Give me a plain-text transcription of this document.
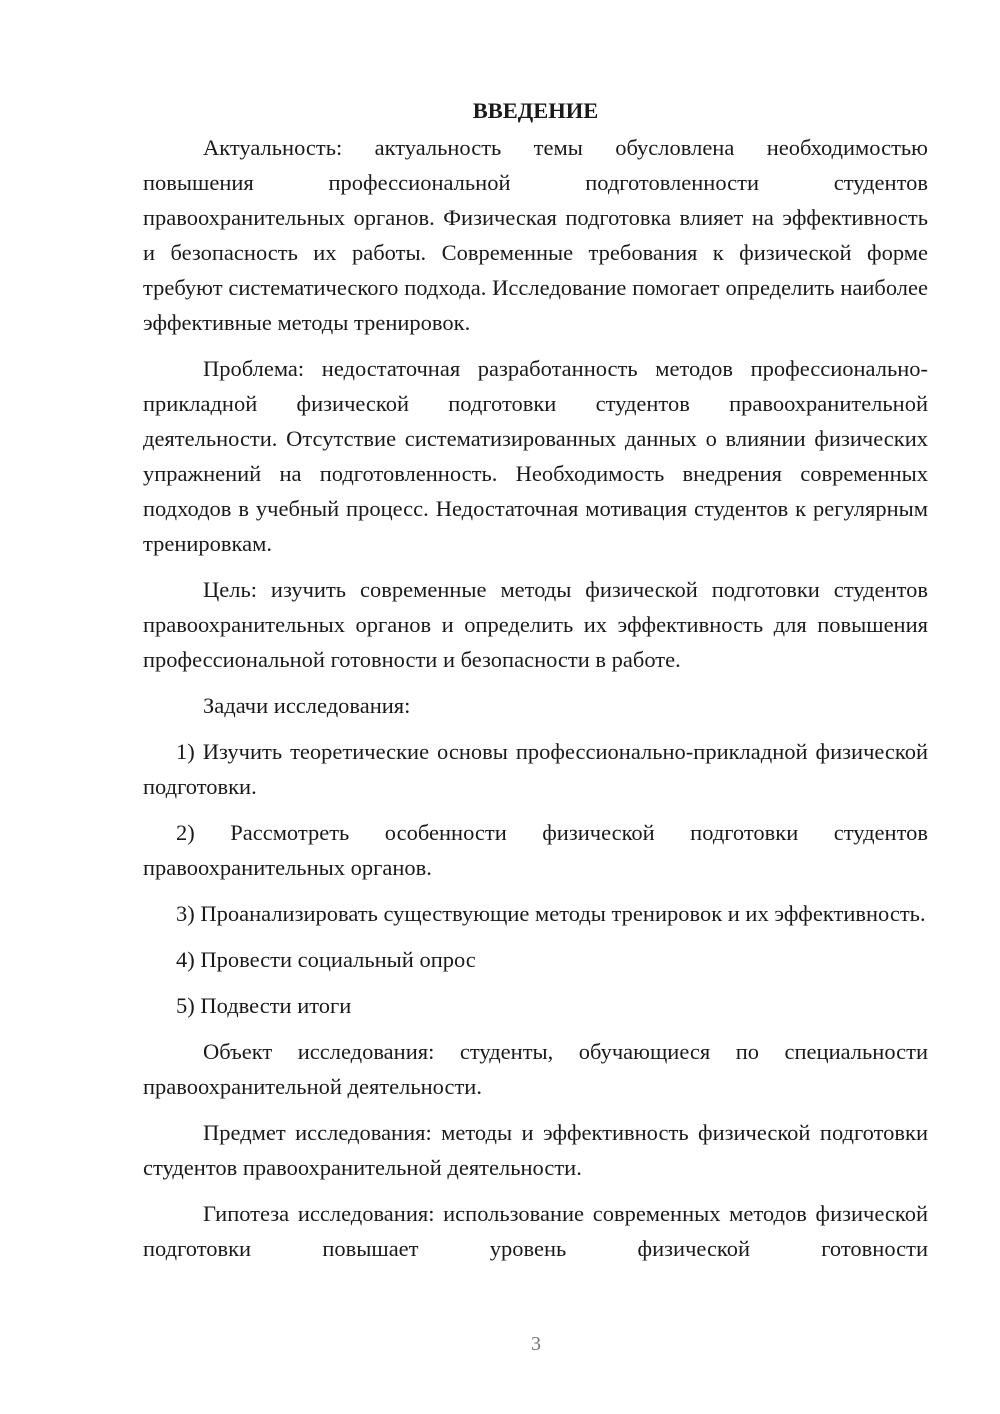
ВВЕДЕНИЕ

Актуальность: актуальность темы обусловлена необходимостью повышения профессиональной подготовленности студентов правоохранительных органов. Физическая подготовка влияет на эффективность и безопасность их работы. Современные требования к физической форме требуют систематического подхода. Исследование помогает определить наиболее эффективные методы тренировок.

Проблема: недостаточная разработанность методов профессионально-прикладной физической подготовки студентов правоохранительной деятельности. Отсутствие систематизированных данных о влиянии физических упражнений на подготовленность. Необходимость внедрения современных подходов в учебный процесс. Недостаточная мотивация студентов к регулярным тренировкам.

Цель: изучить современные методы физической подготовки студентов правоохранительных органов и определить их эффективность для повышения профессиональной готовности и безопасности в работе.

Задачи исследования:

1) Изучить теоретические основы профессионально-прикладной физической подготовки.

2) Рассмотреть особенности физической подготовки студентов правоохранительных органов.

3) Проанализировать существующие методы тренировок и их эффективность.

4) Провести социальный опрос

5) Подвести итоги

Объект исследования: студенты, обучающиеся по специальности правоохранительной деятельности.

Предмет исследования: методы и эффективность физической подготовки студентов правоохранительной деятельности.

Гипотеза исследования: использование современных методов физической подготовки повышает уровень физической готовности

3
